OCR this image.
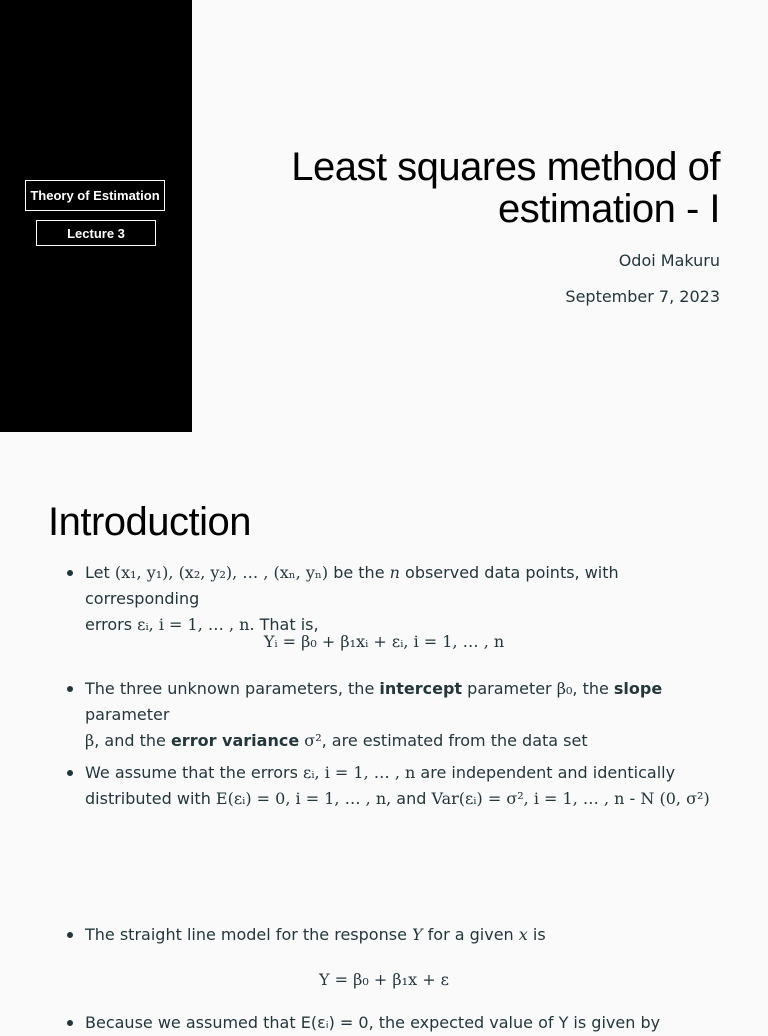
Theory of Estimation
Lecture 3
Least squares method of
estimation - I
Odoi Makuru
September 7, 2023
Introduction
Let (x₁, y₁), (x₂, y₂), … , (xₙ, yₙ) be the n observed data points, with corresponding
errors εᵢ, i = 1, … , n. That is,
Yᵢ = β₀ + β₁xᵢ + εᵢ, i = 1, … , n
The three unknown parameters, the intercept parameter β₀, the slope parameter
β, and the error variance σ², are estimated from the data set
We assume that the errors εᵢ, i = 1, … , n are independent and identically
distributed with E(εᵢ) = 0, i = 1, … , n, and Var(εᵢ) = σ², i = 1, … , n - N (0, σ²)
The straight line model for the response Y for a given x is
Y = β₀ + β₁x + ε
Because we assumed that E(εᵢ) = 0, the expected value of Y is given by
